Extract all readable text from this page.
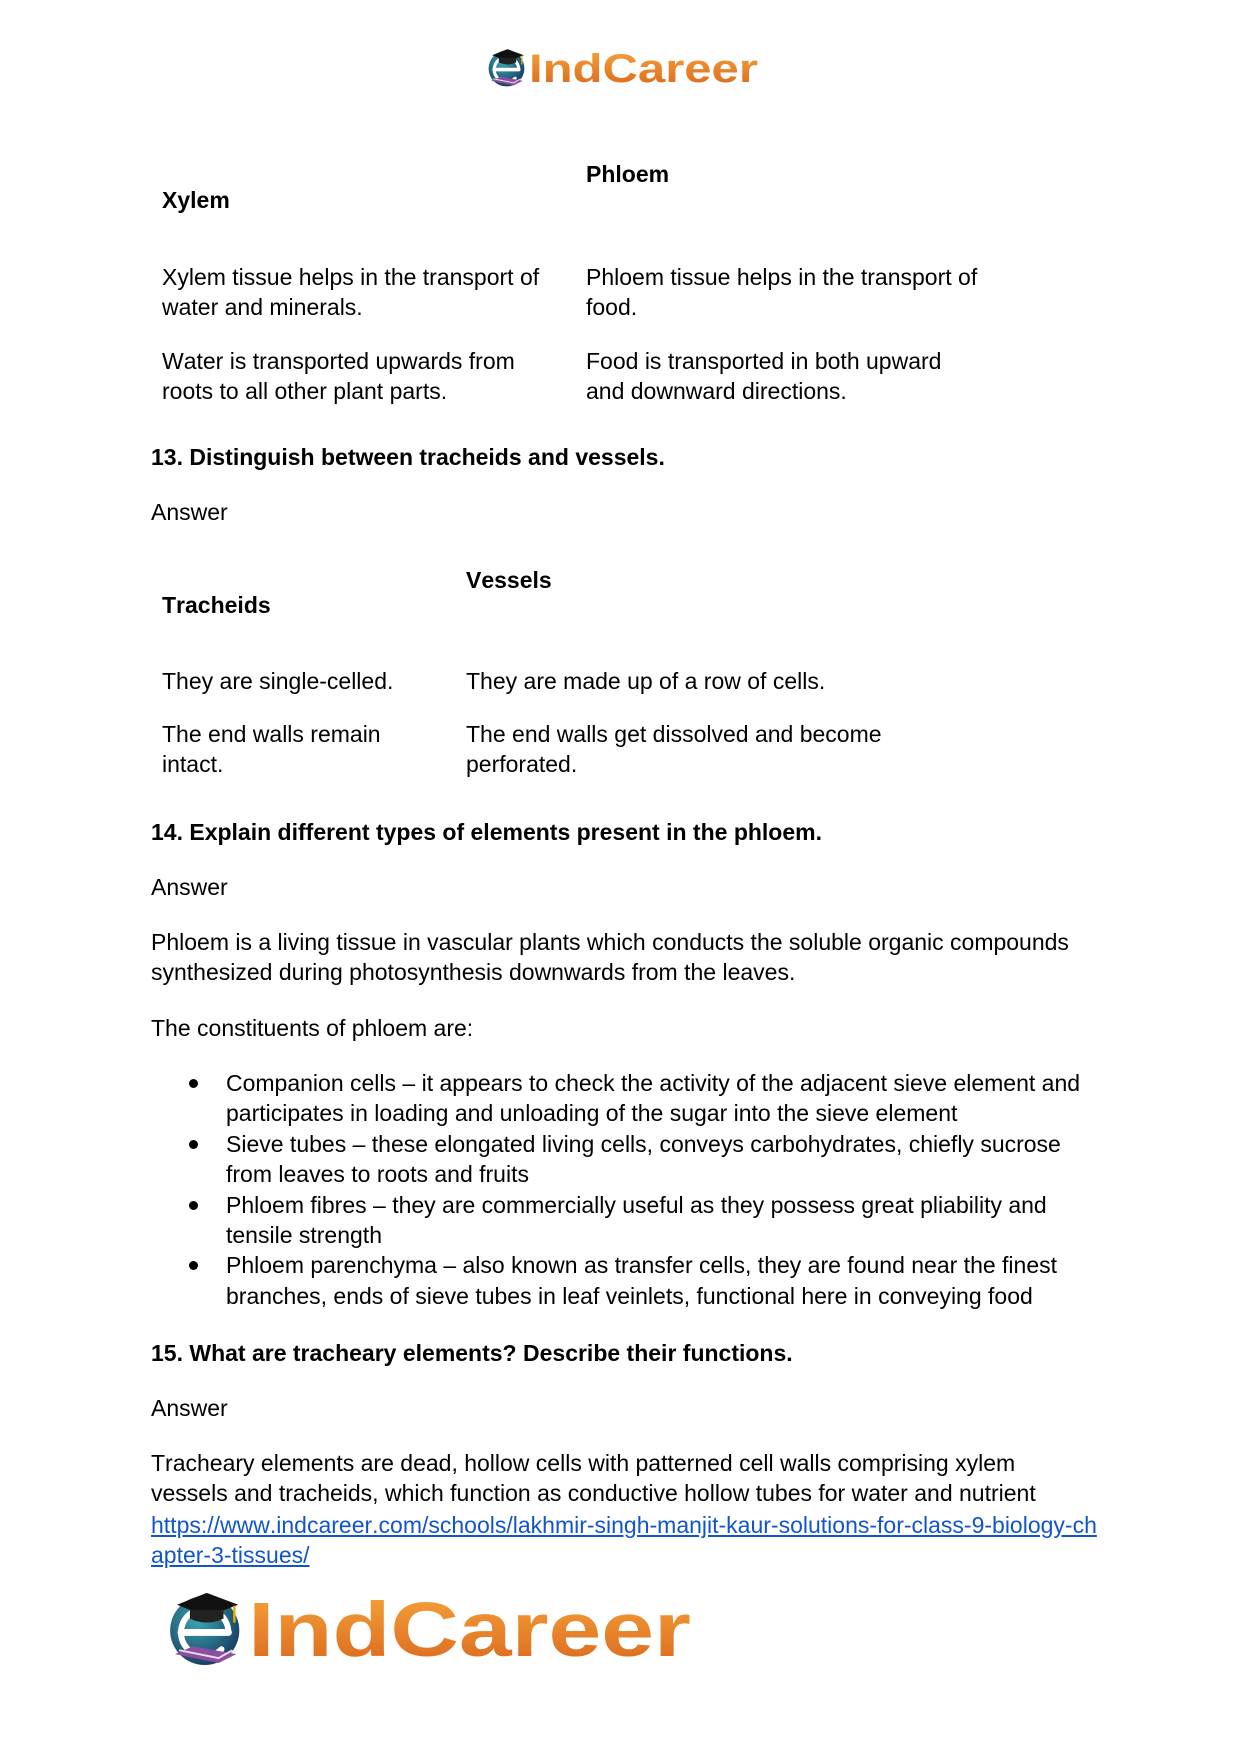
IndCareer

Phloem

Xylem

Xylem tissue helps in the transport of water and minerals.

Phloem tissue helps in the transport of food.

Water is transported upwards from roots to all other plant parts.

Food is transported in both upward and downward directions.

13. Distinguish between tracheids and vessels.

Answer

Vessels

Tracheids

They are single-celled.	They are made up of a row of cells.

The end walls remain intact.

The end walls get dissolved and become perforated.

14. Explain different types of elements present in the phloem.

Answer

Phloem is a living tissue in vascular plants which conducts the soluble organic compounds synthesized during photosynthesis downwards from the leaves.

The constituents of phloem are:

Companion cells – it appears to check the activity of the adjacent sieve element and participates in loading and unloading of the sugar into the sieve element
Sieve tubes – these elongated living cells, conveys carbohydrates, chiefly sucrose from leaves to roots and fruits
Phloem fibres – they are commercially useful as they possess great pliability and tensile strength
Phloem parenchyma – also known as transfer cells, they are found near the finest branches, ends of sieve tubes in leaf veinlets, functional here in conveying food

15. What are tracheary elements? Describe their functions.

Answer

Tracheary elements are dead, hollow cells with patterned cell walls comprising xylem vessels and tracheids, which function as conductive hollow tubes for water and nutrient

https://www.indcareer.com/schools/lakhmir-singh-manjit-kaur-solutions-for-class-9-biology-chapter-3-tissues/
IndCareer
